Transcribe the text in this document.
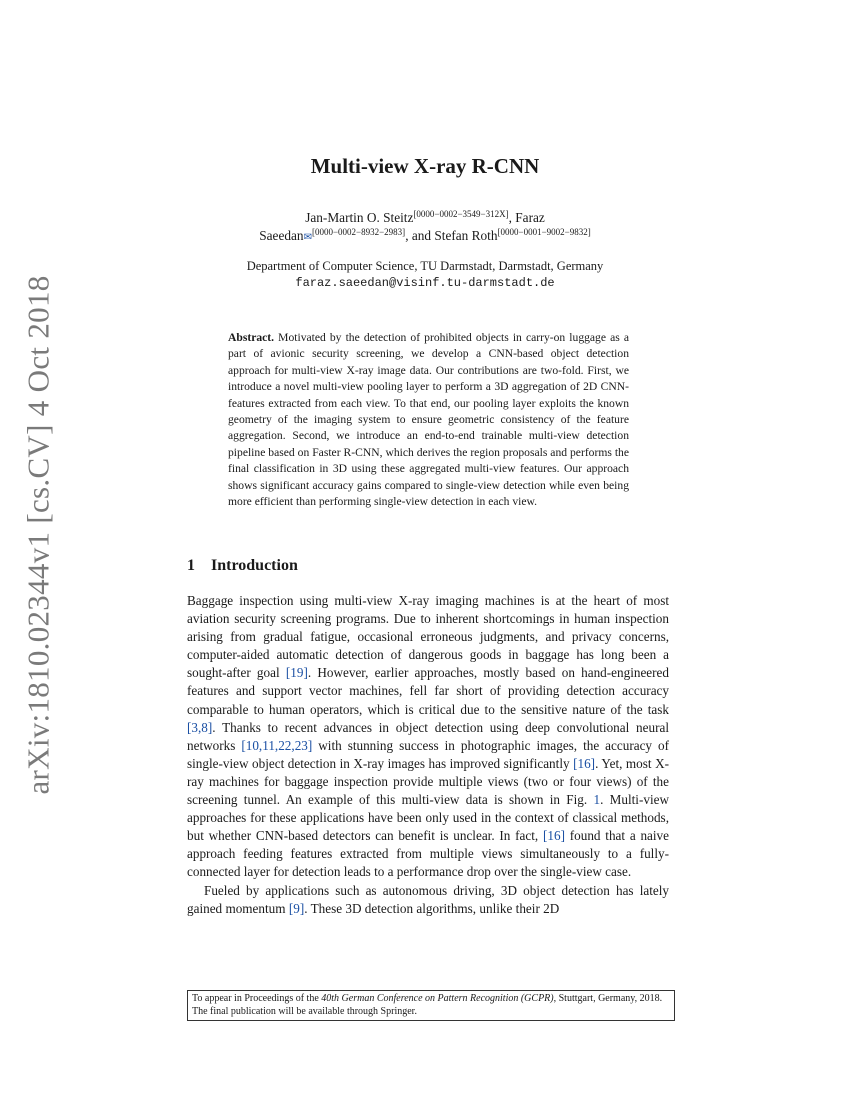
arXiv:1810.02344v1 [cs.CV] 4 Oct 2018
Multi-view X-ray R-CNN
Jan-Martin O. Steitz[0000−0002−3549−312X], Faraz
Saeedan✉[0000−0002−8932−2983], and Stefan Roth[0000−0001−9002−9832]
Department of Computer Science, TU Darmstadt, Darmstadt, Germany
faraz.saeedan@visinf.tu-darmstadt.de
Abstract. Motivated by the detection of prohibited objects in carry-on luggage as a part of avionic security screening, we develop a CNN-based object detection approach for multi-view X-ray image data. Our contributions are two-fold. First, we introduce a novel multi-view pooling layer to perform a 3D aggregation of 2D CNN-features extracted from each view. To that end, our pooling layer exploits the known geometry of the imaging system to ensure geometric consistency of the feature aggregation. Second, we introduce an end-to-end trainable multi-view detection pipeline based on Faster R-CNN, which derives the region proposals and performs the final classification in 3D using these aggregated multi-view features. Our approach shows significant accuracy gains compared to single-view detection while even being more efficient than performing single-view detection in each view.
1 Introduction

Baggage inspection using multi-view X-ray imaging machines is at the heart of most aviation security screening programs. Due to inherent shortcomings in human inspection arising from gradual fatigue, occasional erroneous judgments, and privacy concerns, computer-aided automatic detection of dangerous goods in baggage has long been a sought-after goal [19]. However, earlier approaches, mostly based on hand-engineered features and support vector machines, fell far short of providing detection accuracy comparable to human operators, which is critical due to the sensitive nature of the task [3,8]. Thanks to recent advances in object detection using deep convolutional neural networks [10,11,22,23] with stunning success in photographic images, the accuracy of single-view object detection in X-ray images has improved significantly [16]. Yet, most X-ray machines for baggage inspection provide multiple views (two or four views) of the screening tunnel. An example of this multi-view data is shown in Fig. 1. Multi-view approaches for these applications have been only used in the context of classical methods, but whether CNN-based detectors can benefit is unclear. In fact, [16] found that a naive approach feeding features extracted from multiple views simultaneously to a fully-connected layer for detection leads to a performance drop over the single-view case.

Fueled by applications such as autonomous driving, 3D object detection has lately gained momentum [9]. These 3D detection algorithms, unlike their 2D

To appear in Proceedings of the 40th German Conference on Pattern Recognition (GCPR), Stuttgart, Germany, 2018. The final publication will be available through Springer.
